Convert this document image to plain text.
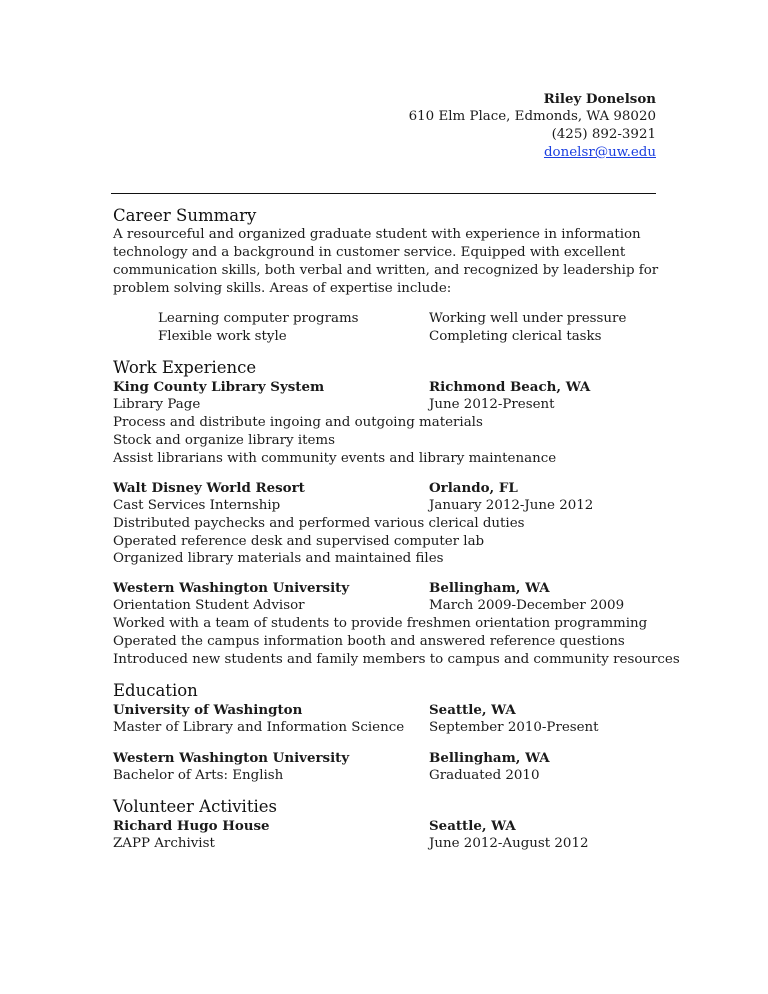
Riley Donelson
610 Elm Place, Edmonds, WA 98020
(425) 892-3921
donelsr@uw.edu
Career Summary
A resourceful and organized graduate student with experience in information
technology and a background in customer service. Equipped with excellent
communication skills, both verbal and written, and recognized by leadership for
problem solving skills. Areas of expertise include:
Learning computer programs	Working well under pressure
Flexible work style	Completing clerical tasks
Work Experience
King County Library System	Richmond Beach, WA
Library Page	June 2012-Present
Process and distribute ingoing and outgoing materials
Stock and organize library items
Assist librarians with community events and library maintenance
Walt Disney World Resort	Orlando, FL
Cast Services Internship	January 2012-June 2012
Distributed paychecks and performed various clerical duties
Operated reference desk and supervised computer lab
Organized library materials and maintained files
Western Washington University	Bellingham, WA
Orientation Student Advisor	March 2009-December 2009
Worked with a team of students to provide freshmen orientation programming
Operated the campus information booth and answered reference questions
Introduced new students and family members to campus and community resources
Education
University of Washington	Seattle, WA
Master of Library and Information Science September 2010-Present
Western Washington University	Bellingham, WA
Bachelor of Arts: English	Graduated 2010
Volunteer Activities
Richard Hugo House	Seattle, WA
ZAPP Archivist	June 2012-August 2012
